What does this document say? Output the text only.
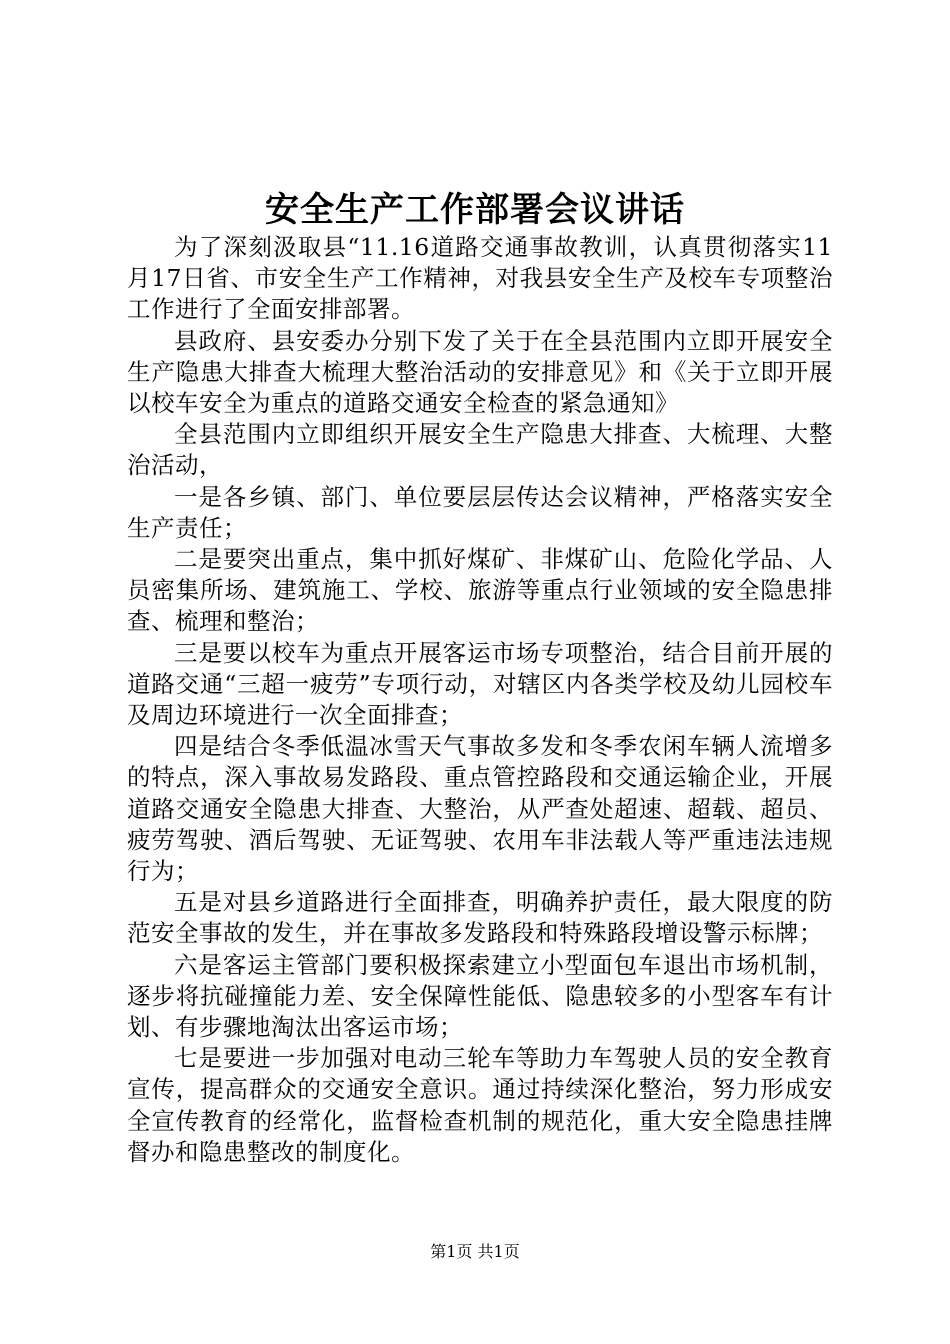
安全生产工作部署会议讲话

为了深刻汲取县“11.16道路交通事故教训，认真贯彻落实11月17日省、市安全生产工作精神，对我县安全生产及校车专项整治工作进行了全面安排部署。

县政府、县安委办分别下发了关于在全县范围内立即开展安全生产隐患大排查大梳理大整治活动的安排意见》和《关于立即开展以校车安全为重点的道路交通安全检查的紧急通知》

全县范围内立即组织开展安全生产隐患大排查、大梳理、大整治活动，

一是各乡镇、部门、单位要层层传达会议精神，严格落实安全生产责任；

二是要突出重点，集中抓好煤矿、非煤矿山、危险化学品、人员密集所场、建筑施工、学校、旅游等重点行业领域的安全隐患排查、梳理和整治；

三是要以校车为重点开展客运市场专项整治，结合目前开展的道路交通“三超一疲劳”专项行动，对辖区内各类学校及幼儿园校车及周边环境进行一次全面排查；

四是结合冬季低温冰雪天气事故多发和冬季农闲车辆人流增多的特点，深入事故易发路段、重点管控路段和交通运输企业，开展道路交通安全隐患大排查、大整治，从严查处超速、超载、超员、疲劳驾驶、酒后驾驶、无证驾驶、农用车非法载人等严重违法违规行为；

五是对县乡道路进行全面排查，明确养护责任，最大限度的防范安全事故的发生，并在事故多发路段和特殊路段增设警示标牌；

六是客运主管部门要积极探索建立小型面包车退出市场机制，逐步将抗碰撞能力差、安全保障性能低、隐患较多的小型客车有计划、有步骤地淘汰出客运市场；

七是要进一步加强对电动三轮车等助力车驾驶人员的安全教育宣传，提高群众的交通安全意识。通过持续深化整治，努力形成安全宣传教育的经常化，监督检查机制的规范化，重大安全隐患挂牌督办和隐患整改的制度化。

第1页 共1页
